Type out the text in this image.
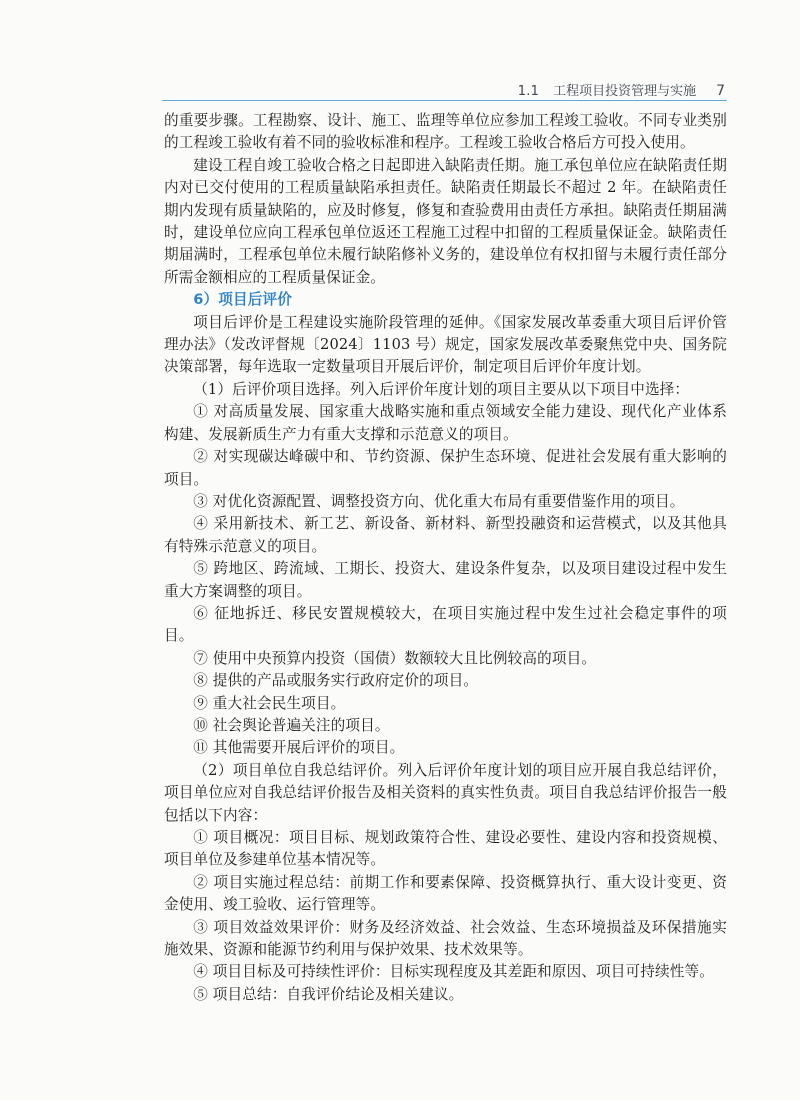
1.1 工程项目投资管理与实施 7

的重要步骤。工程勘察、设计、施工、监理等单位应参加工程竣工验收。不同专业类别的工程竣工验收有着不同的验收标准和程序。工程竣工验收合格后方可投入使用。

建设工程自竣工验收合格之日起即进入缺陷责任期。施工承包单位应在缺陷责任期内对已交付使用的工程质量缺陷承担责任。缺陷责任期最长不超过 2 年。在缺陷责任期内发现有质量缺陷的，应及时修复，修复和查验费用由责任方承担。缺陷责任期届满时，建设单位应向工程承包单位返还工程施工过程中扣留的工程质量保证金。缺陷责任期届满时，工程承包单位未履行缺陷修补义务的，建设单位有权扣留与未履行责任部分所需金额相应的工程质量保证金。

6）项目后评价

项目后评价是工程建设实施阶段管理的延伸。《国家发展改革委重大项目后评价管理办法》（发改评督规〔2024〕1103 号）规定，国家发展改革委聚焦党中央、国务院决策部署，每年选取一定数量项目开展后评价，制定项目后评价年度计划。

（1）后评价项目选择。列入后评价年度计划的项目主要从以下项目中选择：

① 对高质量发展、国家重大战略实施和重点领域安全能力建设、现代化产业体系构建、发展新质生产力有重大支撑和示范意义的项目。

② 对实现碳达峰碳中和、节约资源、保护生态环境、促进社会发展有重大影响的项目。

③ 对优化资源配置、调整投资方向、优化重大布局有重要借鉴作用的项目。

④ 采用新技术、新工艺、新设备、新材料、新型投融资和运营模式，以及其他具有特殊示范意义的项目。

⑤ 跨地区、跨流域、工期长、投资大、建设条件复杂，以及项目建设过程中发生重大方案调整的项目。

⑥ 征地拆迁、移民安置规模较大，在项目实施过程中发生过社会稳定事件的项目。

⑦ 使用中央预算内投资（国债）数额较大且比例较高的项目。

⑧ 提供的产品或服务实行政府定价的项目。

⑨ 重大社会民生项目。

⑩ 社会舆论普遍关注的项目。

⑪ 其他需要开展后评价的项目。

（2）项目单位自我总结评价。列入后评价年度计划的项目应开展自我总结评价，项目单位应对自我总结评价报告及相关资料的真实性负责。项目自我总结评价报告一般包括以下内容：

① 项目概况：项目目标、规划政策符合性、建设必要性、建设内容和投资规模、项目单位及参建单位基本情况等。

② 项目实施过程总结：前期工作和要素保障、投资概算执行、重大设计变更、资金使用、竣工验收、运行管理等。

③ 项目效益效果评价：财务及经济效益、社会效益、生态环境损益及环保措施实施效果、资源和能源节约利用与保护效果、技术效果等。

④ 项目目标及可持续性评价：目标实现程度及其差距和原因、项目可持续性等。

⑤ 项目总结：自我评价结论及相关建议。
